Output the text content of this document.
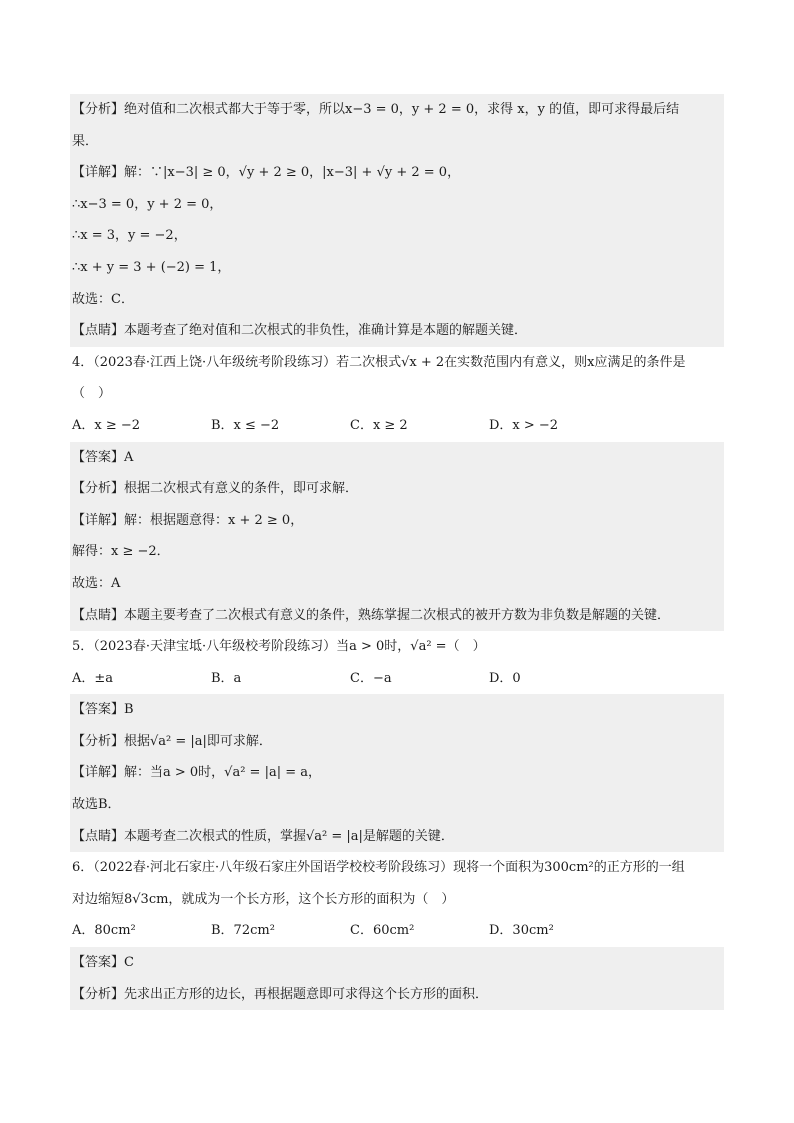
【分析】绝对值和二次根式都大于等于零，所以x−3 = 0，y + 2 = 0，求得 x，y 的值，即可求得最后结
果．
【详解】解：∵|x−3| ≥ 0，√y + 2 ≥ 0，|x−3| + √y + 2 = 0，
∴x−3 = 0，y + 2 = 0，
∴x = 3，y = −2，
∴x + y = 3 + (−2) = 1，
故选：C．
【点睛】本题考查了绝对值和二次根式的非负性，准确计算是本题的解题关键．
4．（2023春·江西上饶·八年级统考阶段练习）若二次根式√x + 2在实数范围内有意义，则x应满足的条件是
（　）
A．x ≥ −2	B．x ≤ −2	C．x ≥ 2	D．x > −2
【答案】A
【分析】根据二次根式有意义的条件，即可求解．
【详解】解：根据题意得：x + 2 ≥ 0，
解得：x ≥ −2．
故选：A
【点睛】本题主要考查了二次根式有意义的条件，熟练掌握二次根式的被开方数为非负数是解题的关键．
5．（2023春·天津宝坻·八年级校考阶段练习）当a > 0时，√a² =（　）
A．±a	B．a	C．−a	D．0
【答案】B
【分析】根据√a² = |a|即可求解．
【详解】解：当a > 0时，√a² = |a| = a，
故选B．
【点睛】本题考查二次根式的性质，掌握√a² = |a|是解题的关键．
6．（2022春·河北石家庄·八年级石家庄外国语学校校考阶段练习）现将一个面积为300cm²的正方形的一组
对边缩短8√3cm，就成为一个长方形，这个长方形的面积为（　）
A．80cm²	B．72cm²	C．60cm²	D．30cm²
【答案】C
【分析】先求出正方形的边长，再根据题意即可求得这个长方形的面积．
